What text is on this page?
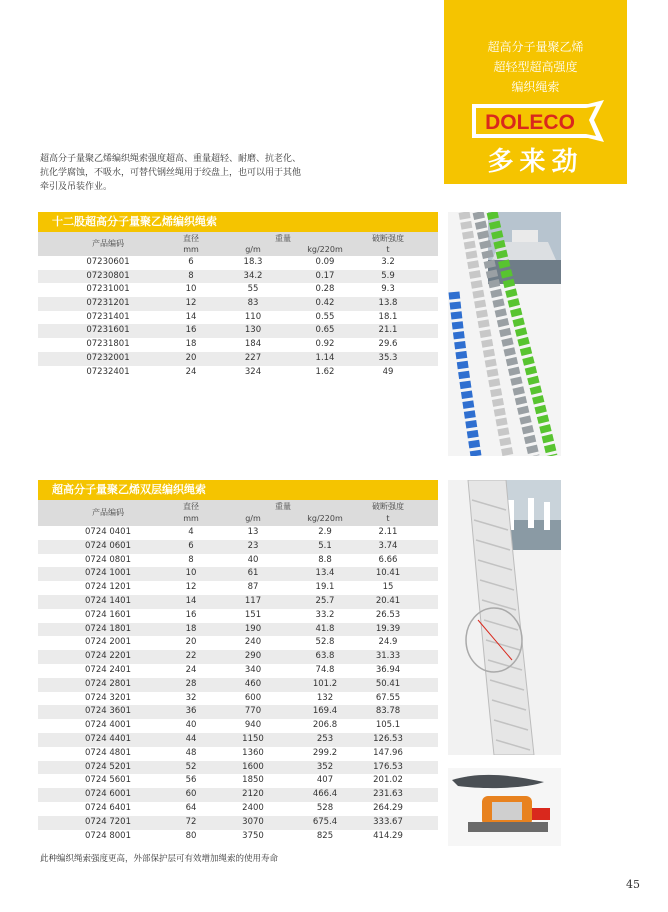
超高分子量聚乙烯
超轻型超高强度
编织绳索
DOLECO
多来劲
超高分子量聚乙烯编织绳索强度超高、重量超轻、耐磨、抗老化、抗化学腐蚀，不吸水，可替代钢丝绳用于绞盘上，也可以用于其他牵引及吊装作业。
十二股超高分子量聚乙烯编织绳索
产品编码
直径
mm
重量
g/m	kg/220m
破断强度
t
07230601	6	18.3	0.09	3.2
07230801	8	34.2	0.17	5.9
07231001	10	55	0.28	9.3
07231201	12	83	0.42	13.8
07231401	14	110	0.55	18.1
07231601	16	130	0.65	21.1
07231801	18	184	0.92	29.6
07232001	20	227	1.14	35.3
07232401	24	324	1.62	49
超高分子量聚乙烯双层编织绳索
产品编码
直径
mm
重量
g/m	kg/220m
破断强度
t
0724 0401	4	13	2.9	2.11
0724 0601	6	23	5.1	3.74
0724 0801	8	40	8.8	6.66
0724 1001	10	61	13.4	10.41
0724 1201	12	87	19.1	15
0724 1401	14	117	25.7	20.41
0724 1601	16	151	33.2	26.53
0724 1801	18	190	41.8	19.39
0724 2001	20	240	52.8	24.9
0724 2201	22	290	63.8	31.33
0724 2401	24	340	74.8	36.94
0724 2801	28	460	101.2	50.41
0724 3201	32	600	132	67.55
0724 3601	36	770	169.4	83.78
0724 4001	40	940	206.8	105.1
0724 4401	44	1150	253	126.53
0724 4801	48	1360	299.2	147.96
0724 5201	52	1600	352	176.53
0724 5601	56	1850	407	201.02
0724 6001	60	2120	466.4	231.63
0724 6401	64	2400	528	264.29
0724 7201	72	3070	675.4	333.67
0724 8001	80	3750	825	414.29
此种编织绳索强度更高，外部保护层可有效增加绳索的使用寿命
45
